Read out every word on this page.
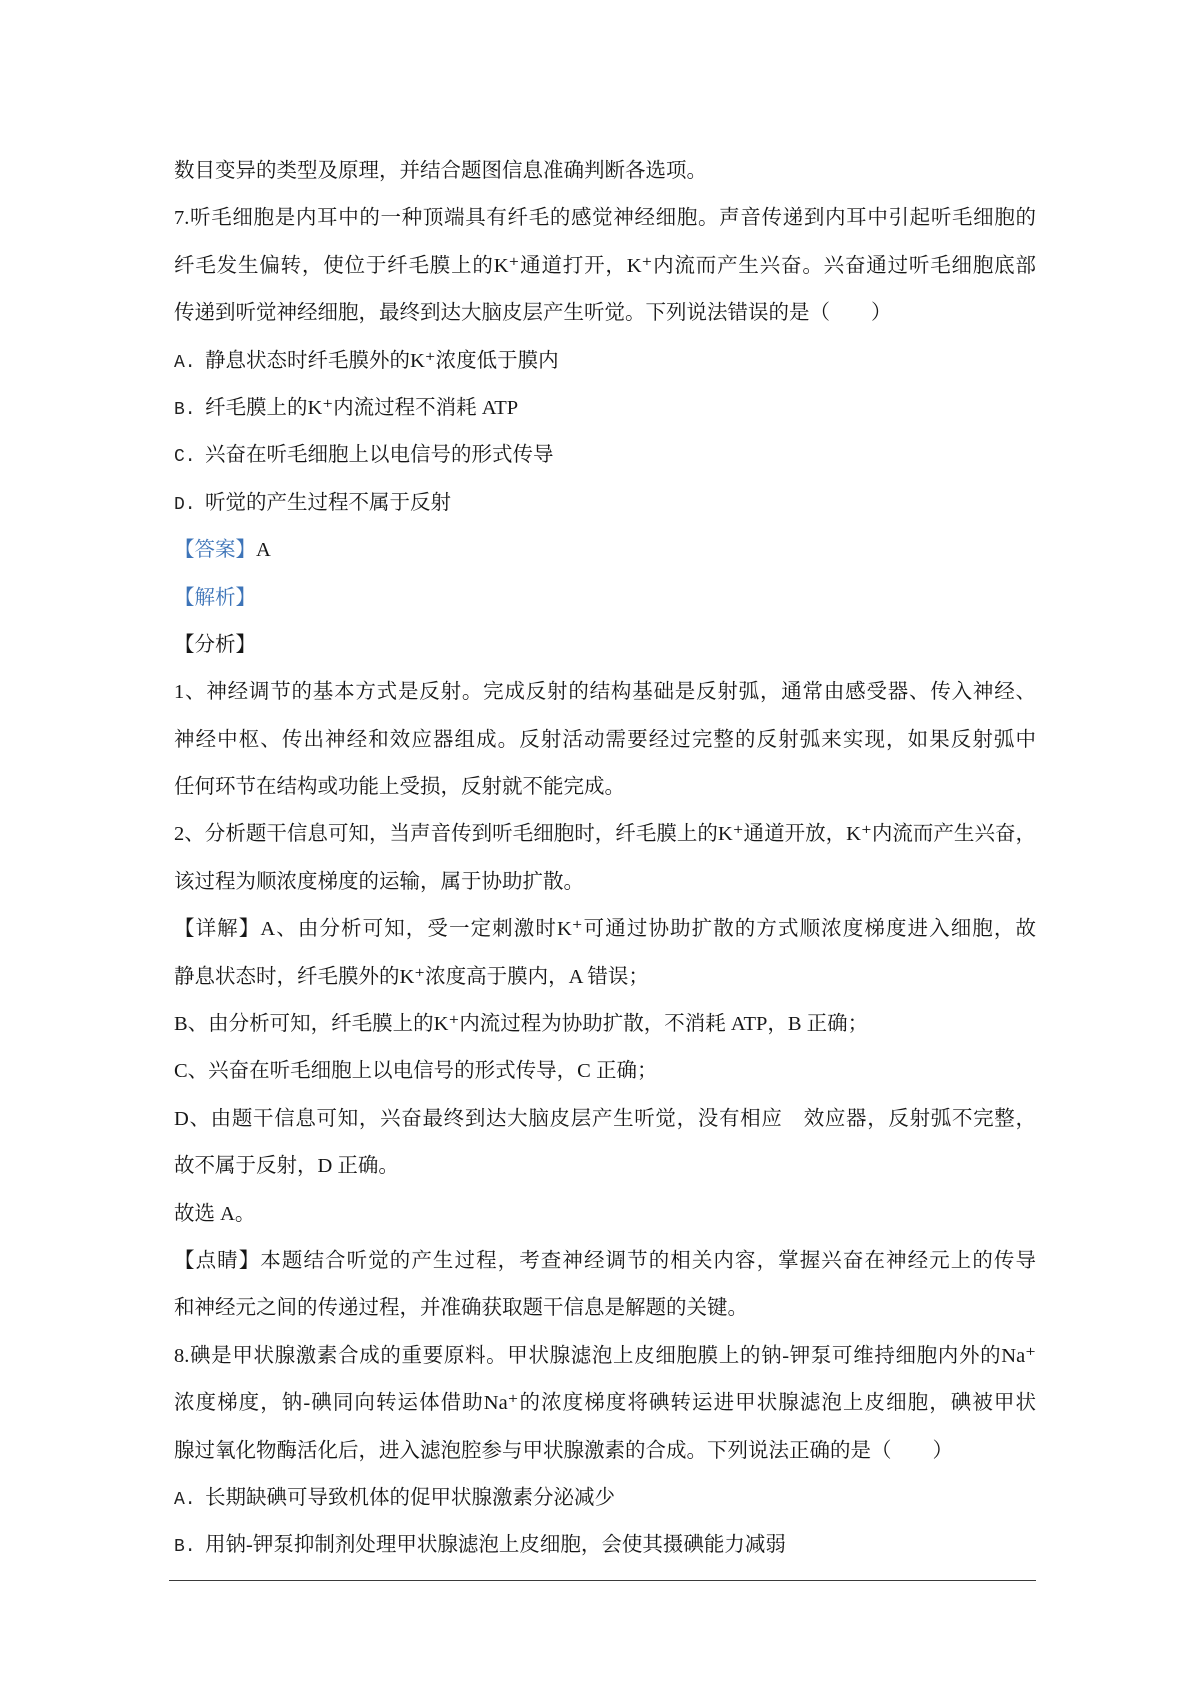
数目变异的类型及原理，并结合题图信息准确判断各选项。
7.听毛细胞是内耳中的一种顶端具有纤毛的感觉神经细胞。声音传递到内耳中引起听毛细胞的
纤毛发生偏转，使位于纤毛膜上的K⁺通道打开，K⁺内流而产生兴奋。兴奋通过听毛细胞底部
传递到听觉神经细胞，最终到达大脑皮层产生听觉。下列说法错误的是（　　）
A. 静息状态时纤毛膜外的K⁺浓度低于膜内
B. 纤毛膜上的K⁺内流过程不消耗 ATP
C. 兴奋在听毛细胞上以电信号的形式传导
D. 听觉的产生过程不属于反射
【答案】A
【解析】
【分析】
1、神经调节的基本方式是反射。完成反射的结构基础是反射弧，通常由感受器、传入神经、
神经中枢、传出神经和效应器组成。反射活动需要经过完整的反射弧来实现，如果反射弧中
任何环节在结构或功能上受损，反射就不能完成。
2、分析题干信息可知，当声音传到听毛细胞时，纤毛膜上的K⁺通道开放，K⁺内流而产生兴奋，
该过程为顺浓度梯度的运输，属于协助扩散。
【详解】A、由分析可知，受一定刺激时K⁺可通过协助扩散的方式顺浓度梯度进入细胞，故
静息状态时，纤毛膜外的K⁺浓度高于膜内，A 错误；
B、由分析可知，纤毛膜上的K⁺内流过程为协助扩散，不消耗 ATP，B 正确；
C、兴奋在听毛细胞上以电信号的形式传导，C 正确；
D、由题干信息可知，兴奋最终到达大脑皮层产生听觉，没有相应　效应器，反射弧不完整，
故不属于反射，D 正确。
故选 A。
【点睛】本题结合听觉的产生过程，考查神经调节的相关内容，掌握兴奋在神经元上的传导
和神经元之间的传递过程，并准确获取题干信息是解题的关键。
8.碘是甲状腺激素合成的重要原料。甲状腺滤泡上皮细胞膜上的钠-钾泵可维持细胞内外的Na⁺
浓度梯度，钠-碘同向转运体借助Na⁺的浓度梯度将碘转运进甲状腺滤泡上皮细胞，碘被甲状
腺过氧化物酶活化后，进入滤泡腔参与甲状腺激素的合成。下列说法正确的是（　　）
A. 长期缺碘可导致机体的促甲状腺激素分泌减少
B. 用钠-钾泵抑制剂处理甲状腺滤泡上皮细胞，会使其摄碘能力减弱
